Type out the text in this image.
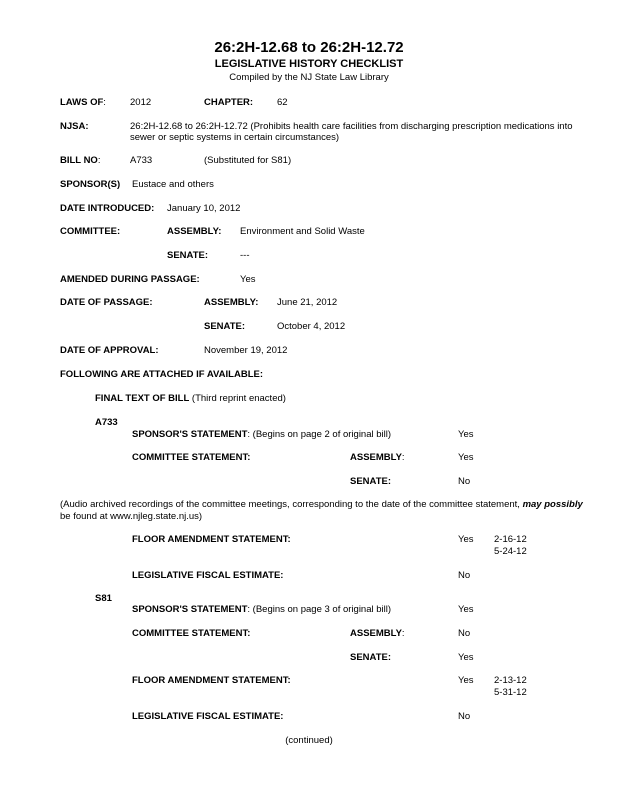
26:2H-12.68 to 26:2H-12.72
LEGISLATIVE HISTORY CHECKLIST
Compiled by the NJ State Law Library
LAWS OF:	2012	CHAPTER:	62
NJSA:	26:2H-12.68 to 26:2H-12.72 (Prohibits health care facilities from discharging prescription medications into
sewer or septic systems in certain circumstances)
BILL NO:	A733	(Substituted for S81)
SPONSOR(S) Eustace and others
DATE INTRODUCED: January 10, 2012
COMMITTEE:	ASSEMBLY: Environment and Solid Waste
SENATE:	---
AMENDED DURING PASSAGE:	Yes
DATE OF PASSAGE:	ASSEMBLY: June 21, 2012
SENATE:	October 4, 2012
DATE OF APPROVAL:	November 19, 2012
FOLLOWING ARE ATTACHED IF AVAILABLE:
FINAL TEXT OF BILL (Third reprint enacted)
A733
SPONSOR'S STATEMENT: (Begins on page 2 of original bill)	Yes
COMMITTEE STATEMENT:	ASSEMBLY:	Yes
SENATE:	No
(Audio archived recordings of the committee meetings, corresponding to the date of the committee statement, may possibly
be found at www.njleg.state.nj.us)
FLOOR AMENDMENT STATEMENT:	Yes 2-16-12
5-24-12
LEGISLATIVE FISCAL ESTIMATE:	No
S81
SPONSOR'S STATEMENT: (Begins on page 3 of original bill)	Yes
COMMITTEE STATEMENT:	ASSEMBLY:	No
SENATE:	Yes
FLOOR AMENDMENT STATEMENT:	Yes 2-13-12
5-31-12
LEGISLATIVE FISCAL ESTIMATE:	No
(continued)
